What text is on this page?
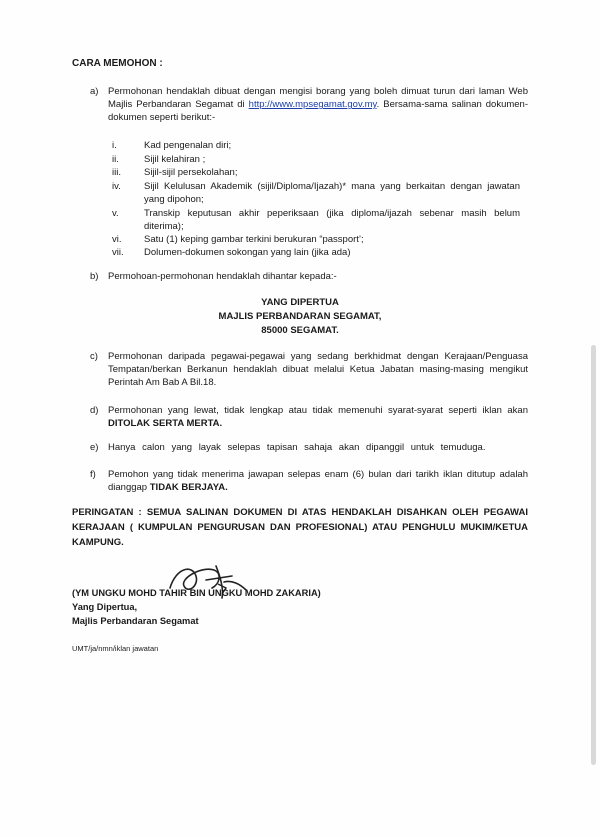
CARA MEMOHON :
a) Permohonan hendaklah dibuat dengan mengisi borang yang boleh dimuat turun dari laman Web Majlis Perbandaran Segamat di http://www.mpsegamat.gov.my. Bersama-sama salinan dokumen-dokumen seperti berikut:-
i.	Kad pengenalan diri;
ii.	Sijil kelahiran ;
iii. Sijil-sijil persekolahan;
iv. Sijil Kelulusan Akademik (sijil/Diploma/Ijazah)* mana yang berkaitan dengan jawatan yang dipohon;
v.	Transkip keputusan akhir peperiksaan (jika diploma/ijazah sebenar masih belum diterima);
vi. Satu (1) keping gambar terkini berukuran “passport’;
vii. Dolumen-dokumen sokongan yang lain (jika ada)
b) Permohoan-permohonan hendaklah dihantar kepada:-
YANG DIPERTUA
MAJLIS PERBANDARAN SEGAMAT,
85000 SEGAMAT.
c) Permohonan daripada pegawai-pegawai yang sedang berkhidmat dengan Kerajaan/Penguasa Tempatan/berkan Berkanun hendaklah dibuat melalui Ketua Jabatan masing-masing mengikut Perintah Am Bab A Bil.18.
d) Permohonan yang lewat, tidak lengkap atau tidak memenuhi syarat-syarat seperti iklan akan DITOLAK SERTA MERTA.
e) Hanya calon yang layak selepas tapisan sahaja akan dipanggil untuk temuduga.
f) Pemohon yang tidak menerima jawapan selepas enam (6) bulan dari tarikh iklan ditutup adalah dianggap TIDAK BERJAYA.
PERINGATAN : SEMUA SALINAN DOKUMEN DI ATAS HENDAKLAH DISAHKAN OLEH PEGAWAI KERAJAAN ( KUMPULAN PENGURUSAN DAN PROFESIONAL) ATAU PENGHULU MUKIM/KETUA KAMPUNG.
(YM UNGKU MOHD TAHIR BIN UNGKU MOHD ZAKARIA)
Yang Dipertua,
Majlis Perbandaran Segamat
UMT/ja/nmn/iklan jawatan
